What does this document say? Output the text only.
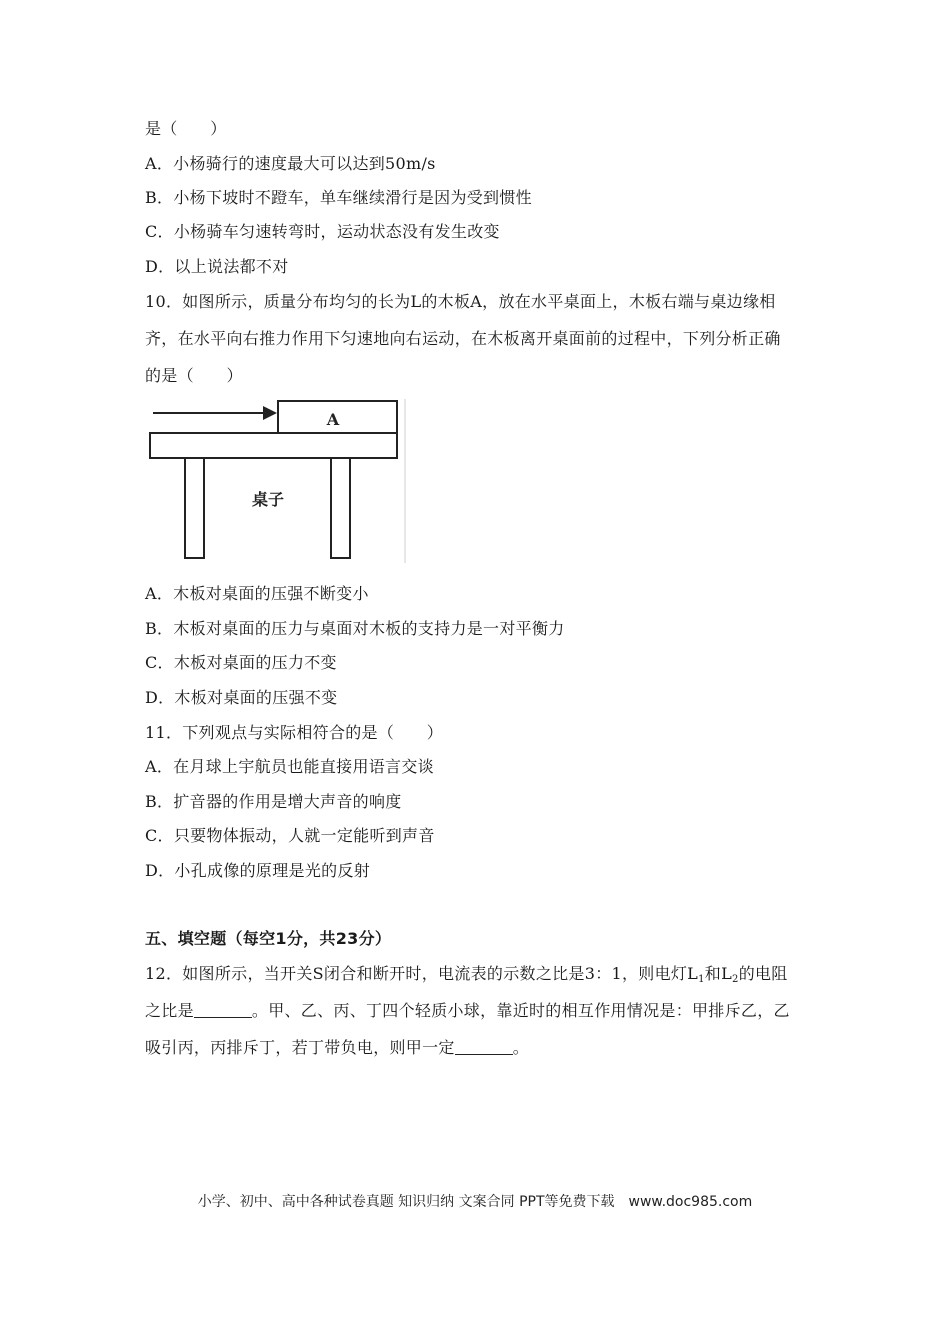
是（　　）
A．小杨骑行的速度最大可以达到50m/s
B．小杨下坡时不蹬车，单车继续滑行是因为受到惯性
C．小杨骑车匀速转弯时，运动状态没有发生改变
D．以上说法都不对
10．如图所示，质量分布均匀的长为L的木板A，放在水平桌面上，木板右端与桌边缘相
齐，在水平向右推力作用下匀速地向右运动，在木板离开桌面前的过程中，下列分析正确
的是（　　）
A
桌子
A．木板对桌面的压强不断变小
B．木板对桌面的压力与桌面对木板的支持力是一对平衡力
C．木板对桌面的压力不变
D．木板对桌面的压强不变
11．下列观点与实际相符合的是（　　）
A．在月球上宇航员也能直接用语言交谈
B．扩音器的作用是增大声音的响度
C．只要物体振动，人就一定能听到声音
D．小孔成像的原理是光的反射
五、填空题（每空1分，共23分）
12．如图所示，当开关S闭合和断开时，电流表的示数之比是3：1，则电灯$L_1$和$L_2$的电阻
之比是	。甲、乙、丙、丁四个轻质小球，靠近时的相互作用情况是：甲排斥乙，乙
吸引丙，丙排斥丁，若丁带负电，则甲一定	。
小学、初中、高中各种试卷真题 知识归纳 文案合同 PPT等免费下载　www.doc985.com
